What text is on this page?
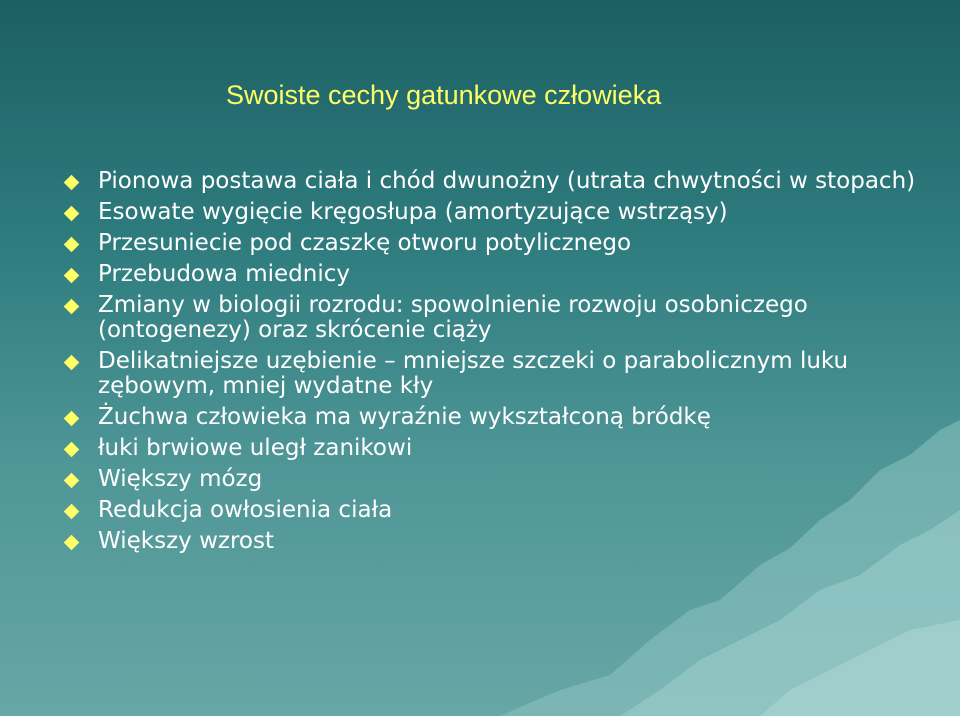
Swoiste cechy gatunkowe człowieka
Pionowa postawa ciała i chód dwunożny (utrata chwytności w stopach)
Esowate wygięcie kręgosłupa (amortyzujące wstrząsy)
Przesuniecie pod czaszkę otworu potylicznego
Przebudowa miednicy
Zmiany w biologii rozrodu: spowolnienie rozwoju osobniczego (ontogenezy) oraz skrócenie ciąży
Delikatniejsze uzębienie – mniejsze szczeki o parabolicznym luku zębowym, mniej wydatne kły
Żuchwa człowieka ma wyraźnie wykształconą bródkę
łuki brwiowe uległ zanikowi
Większy mózg
Redukcja owłosienia ciała
Większy wzrost
